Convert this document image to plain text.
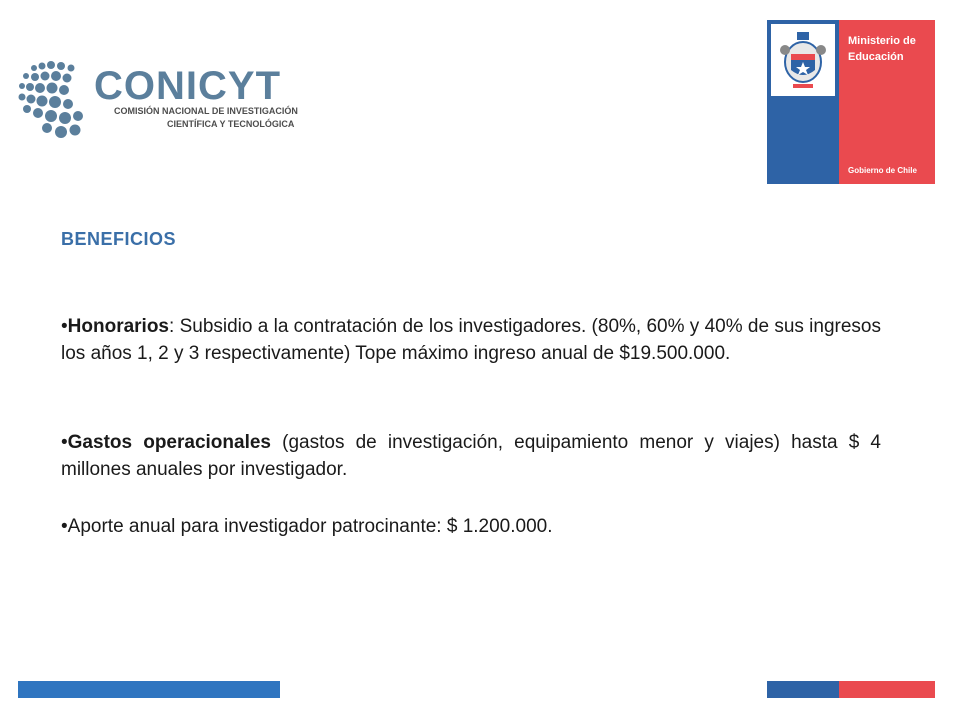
CONICYT
COMISIÓN NACIONAL DE INVESTIGACIÓN
CIENTÍFICA Y TECNOLÓGICA
Ministerio de Educación
Gobierno de Chile
BENEFICIOS
•Honorarios: Subsidio a la contratación de los investigadores. (80%, 60% y 40% de sus ingresos los años 1, 2 y 3 respectivamente) Tope máximo ingreso anual de $19.500.000.
•Gastos operacionales (gastos de investigación, equipamiento menor y viajes) hasta $ 4 millones anuales por investigador.
•Aporte anual para investigador patrocinante: $ 1.200.000.
